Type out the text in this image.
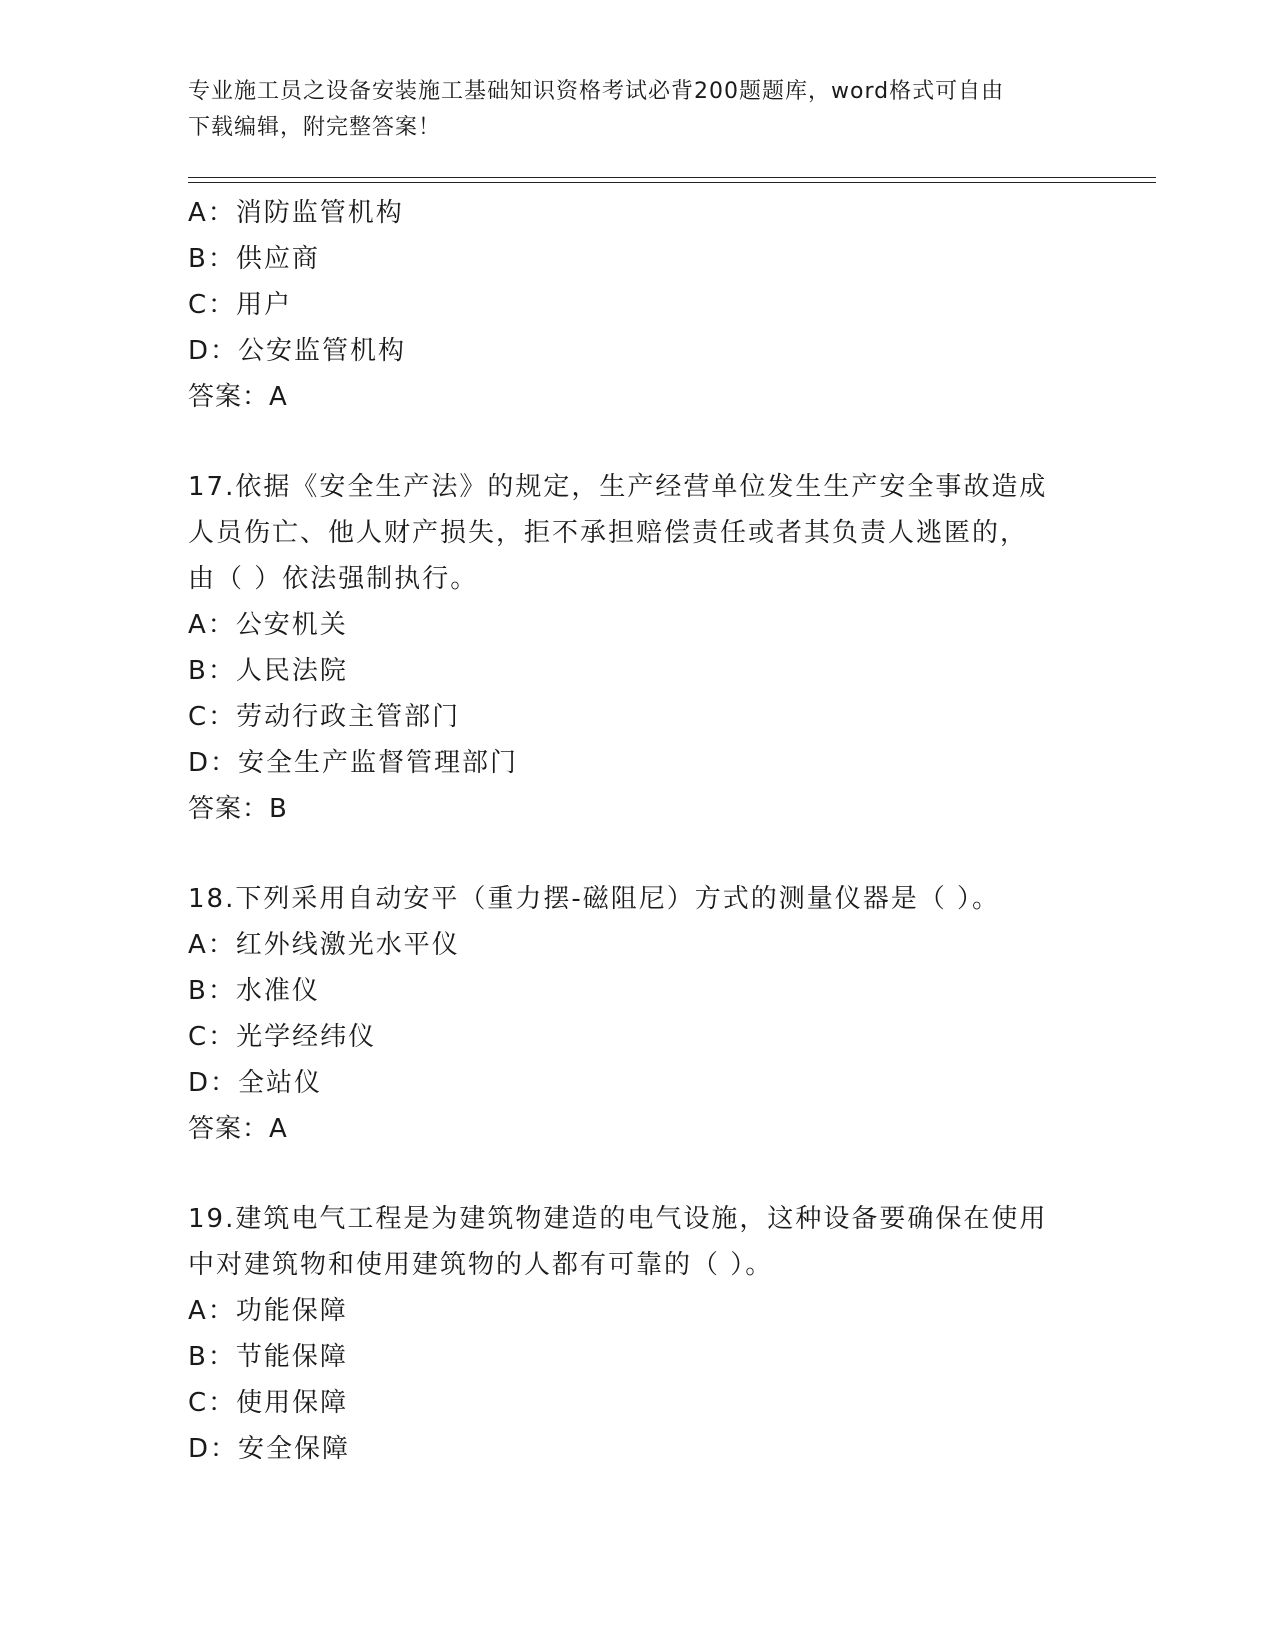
专业施工员之设备安装施工基础知识资格考试必背200题题库，word格式可自由
下载编辑，附完整答案！
A：消防监管机构
B：供应商
C：用户
D：公安监管机构
答案：A
17.依据《安全生产法》的规定，生产经营单位发生生产安全事故造成
人员伤亡、他人财产损失，拒不承担赔偿责任或者其负责人逃匿的，
由（ ）依法强制执行。
A：公安机关
B：人民法院
C：劳动行政主管部门
D：安全生产监督管理部门
答案：B
18.下列采用自动安平（重力摆-磁阻尼）方式的测量仪器是（ ）。
A：红外线激光水平仪
B：水准仪
C：光学经纬仪
D：全站仪
答案：A
19.建筑电气工程是为建筑物建造的电气设施，这种设备要确保在使用
中对建筑物和使用建筑物的人都有可靠的（ ）。
A：功能保障
B：节能保障
C：使用保障
D：安全保障
